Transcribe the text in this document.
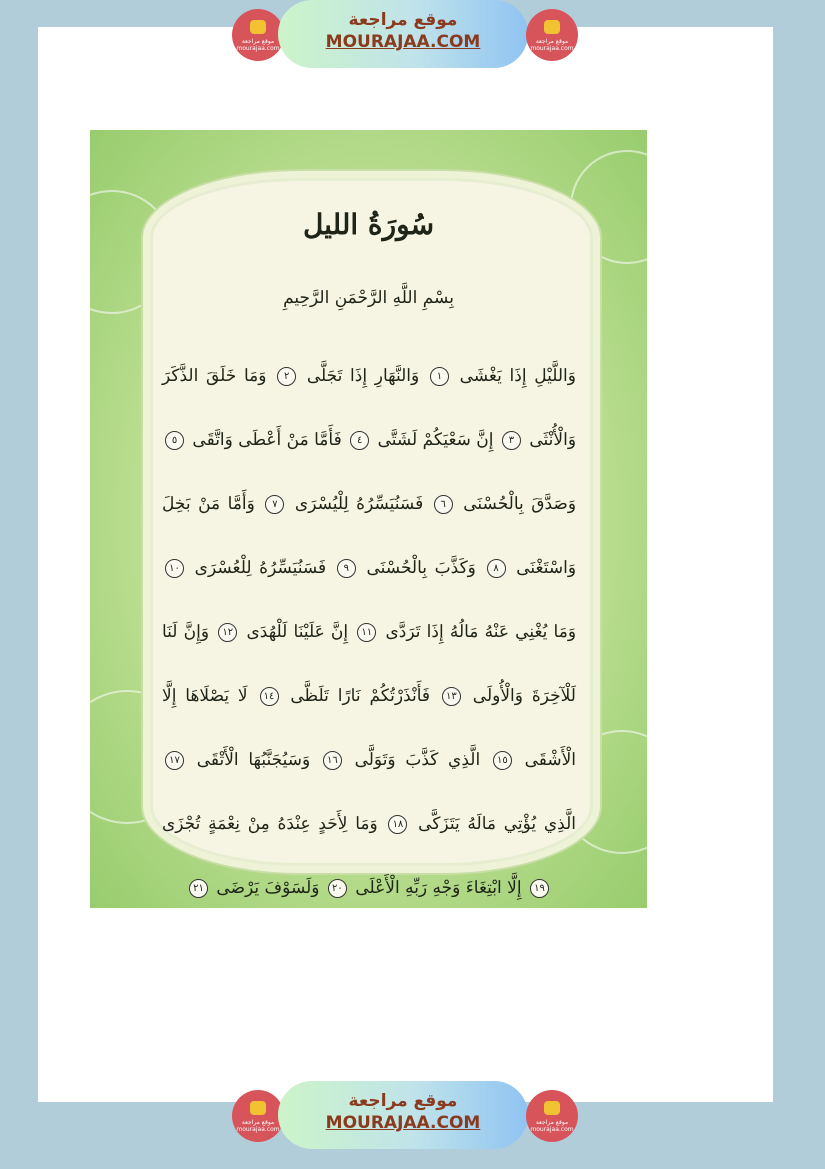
موقع مراجعة mourajaa.com
موقع مراجعة
MOURAJAA.COM	موقع مراجعة mourajaa.com
سُورَةُ الليل
بِسْمِ اللَّهِ الرَّحْمَنِ الرَّحِيمِ
وَاللَّيْلِ إِذَا يَغْشَى ١ وَالنَّهَارِ إِذَا تَجَلَّى ٢ وَمَا خَلَقَ الذَّكَرَ وَالْأُنْثَى ٣ إِنَّ سَعْيَكُمْ لَشَتَّى ٤ فَأَمَّا مَنْ أَعْطَى وَاتَّقَى ٥ وَصَدَّقَ بِالْحُسْنَى ٦ فَسَنُيَسِّرُهُ لِلْيُسْرَى ٧ وَأَمَّا مَنْ بَخِلَ وَاسْتَغْنَى ٨ وَكَذَّبَ بِالْحُسْنَى ٩ فَسَنُيَسِّرُهُ لِلْعُسْرَى ١٠ وَمَا يُغْنِي عَنْهُ مَالُهُ إِذَا تَرَدَّى ١١ إِنَّ عَلَيْنَا لَلْهُدَى ١٢ وَإِنَّ لَنَا لَلْآخِرَةَ وَالْأُولَى ١٣ فَأَنْذَرْتُكُمْ نَارًا تَلَظَّى ١٤ لَا يَصْلَاهَا إِلَّا الْأَشْقَى ١٥ الَّذِي كَذَّبَ وَتَوَلَّى ١٦ وَسَيُجَنَّبُهَا الْأَتْقَى ١٧ الَّذِي يُؤْتِي مَالَهُ يَتَزَكَّى ١٨ وَمَا لِأَحَدٍ عِنْدَهُ مِنْ نِعْمَةٍ تُجْزَى ١٩ إِلَّا ابْتِغَاءَ وَجْهِ رَبِّهِ الْأَعْلَى ٢٠ وَلَسَوْفَ يَرْضَى ٢١
موقع مراجعة mourajaa.com
موقع مراجعة
MOURAJAA.COM	موقع مراجعة mourajaa.com
